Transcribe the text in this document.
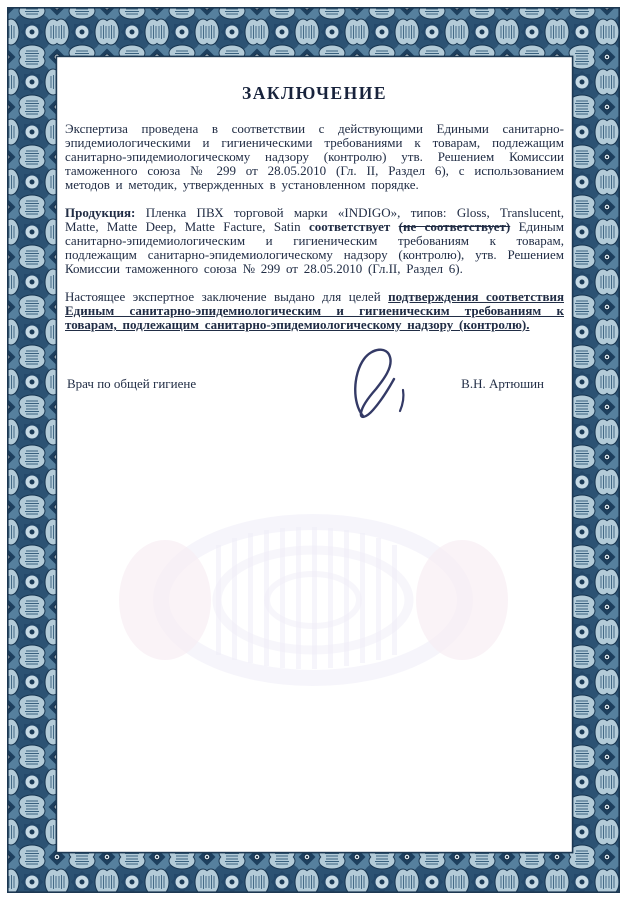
ЗАКЛЮЧЕНИЕ

Экспертиза проведена в соответствии с действующими Едиными санитарно-эпидемиологическими и гигиеническими требованиями к товарам, подлежащим санитарно-эпидемиологическому надзору (контролю) утв. Решением Комиссии таможенного союза № 299 от 28.05.2010 (Гл. II, Раздел 6), с использованием методов и методик, утвержденных в установленном порядке.

Продукция: Пленка ПВХ торговой марки «INDIGO», типов: Gloss, Translucent, Matte, Matte Deep, Matte Facture, Satin соответствует (не соответствует) Единым санитарно-эпидемиологическим и гигиеническим требованиям к товарам, подлежащим санитарно-эпидемиологическому надзору (контролю), утв. Решением Комиссии таможенного союза № 299 от 28.05.2010 (Гл.II, Раздел 6).

Настоящее экспертное заключение выдано для целей подтверждения соответствия Единым санитарно-эпидемиологическим и гигиеническим требованиям к товарам, подлежащим санитарно-эпидемиологическому надзору (контролю).

Врач по общей гигиене	В.Н. Артюшин
